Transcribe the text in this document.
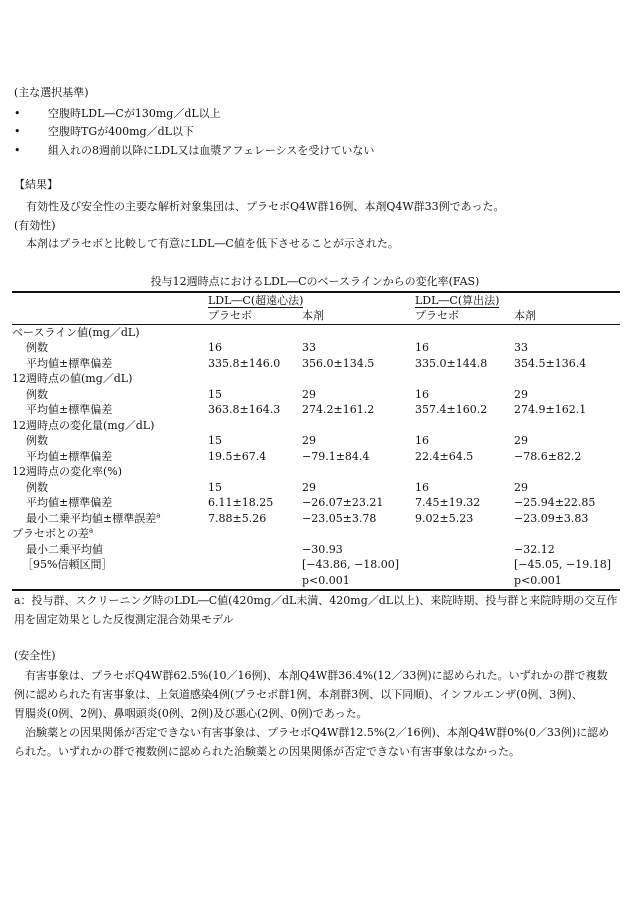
(主な選択基準)
•	空腹時LDL―Cが130mg／dL以上
•	空腹時TGが400mg／dL以下
•	組入れの8週前以降にLDL又は血漿アフェレーシスを受けていない
【結果】
有効性及び安全性の主要な解析対象集団は、プラセボQ4W群16例、本剤Q4W群33例であった。
(有効性)
本剤はプラセボと比較して有意にLDL―C値を低下させることが示された。
投与12週時点におけるLDL―Cのベースラインからの変化率(FAS)
	LDL―C(超遠心法)		LDL―C(算出法)	
	プラセボ	本剤	プラセボ	本剤
ベースライン値(mg／dL)				
例数	16	33	16	33
平均値±標準偏差	335.8±146.0	356.0±134.5	335.0±144.8	354.5±136.4
12週時点の値(mg／dL)				
例数	15	29	16	29
平均値±標準偏差	363.8±164.3	274.2±161.2	357.4±160.2	274.9±162.1
12週時点の変化量(mg／dL)				
例数	15	29	16	29
平均値±標準偏差	19.5±67.4	−79.1±84.4	22.4±64.5	−78.6±82.2
12週時点の変化率(%)				
例数	15	29	16	29
平均値±標準偏差	6.11±18.25	−26.07±23.21	7.45±19.32	−25.94±22.85
最小二乗平均値±標準誤差$^a$	7.88±5.26	−23.05±3.78	9.02±5.23	−23.09±3.83
プラセボとの差$^a$				
最小二乗平均値		−30.93		−32.12
［95%信頼区間］		[−43.86, −18.00]		[−45.05, −19.18]
		p<0.001		p<0.001
a：投与群、スクリーニング時のLDL―C値(420mg／dL未満、420mg／dL以上)、来院時期、投与群と来院時期の交互作
用を固定効果とした反復測定混合効果モデル
(安全性)
　有害事象は、プラセボQ4W群62.5%(10／16例)、本剤Q4W群36.4%(12／33例)に認められた。いずれかの群で複数
例に認められた有害事象は、上気道感染4例(プラセボ群1例、本剤群3例、以下同順)、インフルエンザ(0例、3例)、
胃腸炎(0例、2例)、鼻咽頭炎(0例、2例)及び悪心(2例、0例)であった。
　治験薬との因果関係が否定できない有害事象は、プラセボQ4W群12.5%(2／16例)、本剤Q4W群0%(0／33例)に認め
られた。いずれかの群で複数例に認められた治験薬との因果関係が否定できない有害事象はなかった。
